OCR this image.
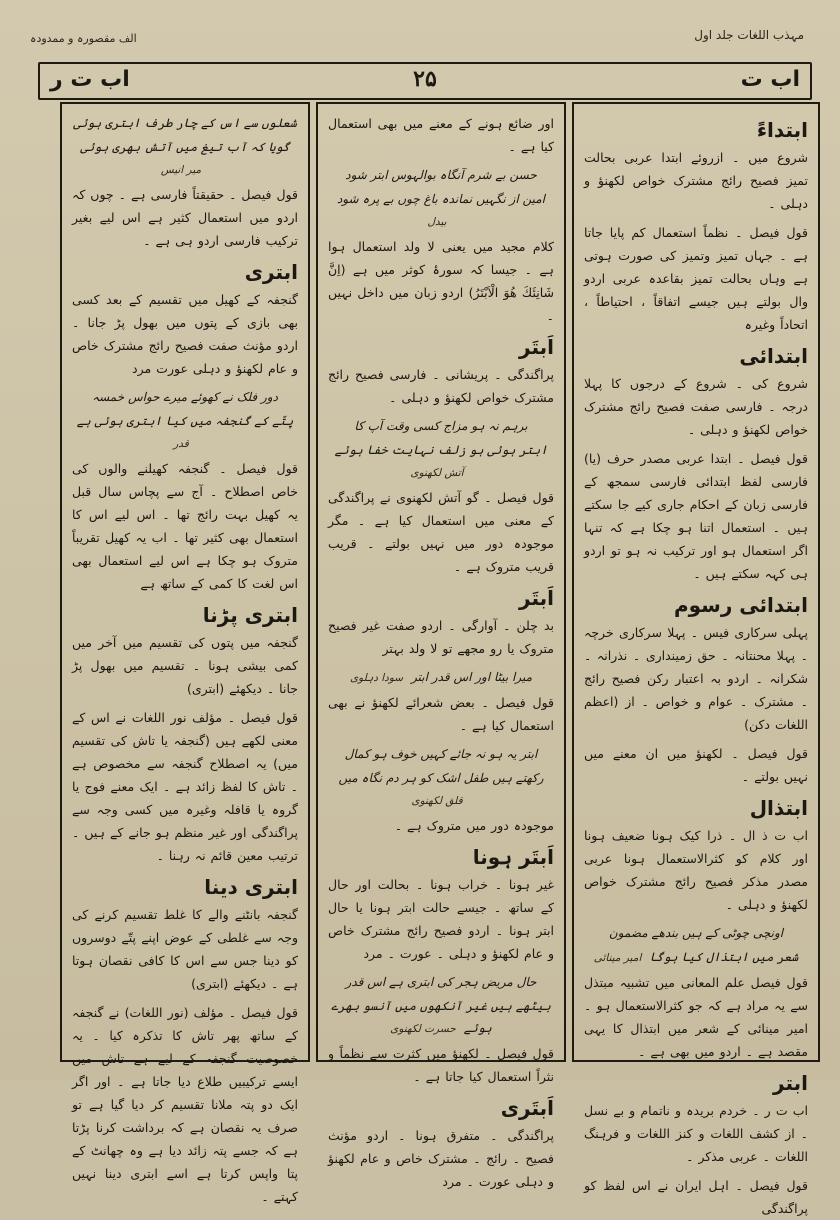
الف مقصورہ و ممدودہ	مہذب اللغات جلد اول
اب ت ر	۲۵	اب ت
ابتداءً
شروع میں ۔ ازروئے ابتدا عربی بحالت تمیز فصیح رائج مشترک خواص لکھنؤ و دہلی ۔
قول فیصل ۔ نظماً استعمال کم پایا جاتا ہے ۔ جہاں تمیز وتمیز کی صورت ہوتی ہے وہاں بحالت تمیز بقاعدہ عربی اردو وال بولتے ہیں جیسے اتفاقاً ، احتیاطاً ، اتحاداً وغیرہ
ابتدائی
شروع کی ۔ شروع کے درجوں کا پہلا درجہ ۔ فارسی صفت فصیح رائج مشترک خواص لکھنؤ و دہلی ۔
قول فیصل ۔ ابتدا عربی مصدر حرف (یا) فارسی لفظ ابتدائی فارسی سمجھ کے فارسی زبان کے احکام جاری کیے جا سکتے ہیں ۔ استعمال اتنا ہو چکا ہے کہ تنہا اگر استعمال ہو اور ترکیب نہ ہو تو اردو ہی کہہ سکتے ہیں ۔
ابتدائی رسوم
پہلی سرکاری فیس ۔ پہلا سرکاری خرچہ ۔ پہلا محنتانہ ۔ حق زمینداری ۔ نذرانہ ۔ شکرانہ ۔ اردو بہ اعتبار رکن فصیح رائج ۔ مشترک ۔ عوام و خواص ۔ از (اعظم اللغات دکن)
قول فیصل ۔ لکھنؤ میں ان معنے میں نہیں بولتے ۔
ابتذال
اب ت ذ ال ۔ ذرا کیک ہونا ضعیف ہونا اور کلام کو کثرالاستعمال ہونا عربی مصدر مذکر فصیح رائج مشترک خواص لکھنؤ و دہلی ۔
اونچی چوٹی کے ہیں بندھے مضمون
شعر میں ابتذال کیا ہوگاامیر مینائی
قول فیصل علم المعانی میں تشبیہ مبتذل سے یہ مراد ہے کہ جو کثرالاستعمال ہو ۔ امیر مینائی کے شعر میں ابتذال کا یہی مقصد ہے ۔ اردو میں بھی ہے ۔
ابتر
اب ت ر ۔ خردم بریدہ و ناتمام و بے نسل ۔ از کشف اللغات و کنز اللغات و فرہنگ اللغات ۔ عربی مذکر ۔
قول فیصل ۔ اہل ایران نے اس لفظ کو پراگندگی
اور ضائع ہونے کے معنے میں بھی استعمال کیا ہے ۔
حسن بے شرم آنگاہ بوالہوس ابتر شود
امین از نگہیں نماندہ باغ چوں بے پرہ شودبیدل
کلام مجید میں یعنی لا ولد استعمال ہوا ہے ۔ جیسا کہ سورۂ کوثر میں ہے (اِنَّ شَانِئَكَ هُوَ الْاَبْتَرُ) اردو زبان میں داخل نہیں ۔
اَبتَر
پراگندگی ۔ پریشانی ۔ فارسی فصیح رائج مشترک خواص لکھنؤ و دہلی ۔
برہم نہ ہو مزاج کسی وقت آپ کا
ابتر ہوئی ہو زلف نہایت خفا ہوئےآتش لکھنوی
قول فیصل ۔ گو آتش لکھنوی نے پراگندگی کے معنی میں استعمال کیا ہے ۔ مگر موجودہ دور میں نہیں بولتے ۔ قریب قریب متروک ہے ۔
اَبتَر
بد چلن ۔ آوارگی ۔ اردو صفت غیر فصیح متروک یا رو مجھے تو لا ولد بہتر
میرا بیٹا اور اس قدر ابترسودا دہلوی
قول فیصل ۔ بعض شعرائے لکھنؤ نے بھی استعمال کیا ہے ۔
ابتر یہ ہو نہ جائے کہیں خوف ہو کمال
رکھتے ہیں طفل اشک کو ہر دم نگاہ میںقلق لکھنوی
موجودہ دور میں متروک ہے ۔
اَبتَر ہونا
غیر ہونا ۔ خراب ہونا ۔ بحالت اور حال کے ساتھ ۔ جیسے حالت ابتر ہونا یا حال ابتر ہونا ۔ اردو فصیح رائج مشترک خاص و عام لکھنؤ و دہلی ۔ عورت ۔ مرد
حال مریض ہجر کی ابتری ہے اس قدر
بیٹھے ہیں غیر آنکھوں میں آنسو بھرے ہوئےحسرت لکھنوی
قول فیصل ۔ لکھنؤ میں کثرت سے نظماً و نثراً استعمال کیا جاتا ہے ۔
اَبتَری
پراگندگی ۔ متفرق ہونا ۔ اردو مؤنث فصیح ۔ رائج ۔ مشترک خاص و عام لکھنؤ و دہلی عورت ۔ مرد
شعلوں سے اس کے چار طرف ابتری ہوئی
گویا کہ آب تیغ میں آتش بھری ہوئیمیر انیس
قول فیصل ۔ حقیقتاً فارسی ہے ۔ چوں کہ اردو میں استعمال کثیر ہے اس لیے بغیر ترکیب فارسی اردو ہی ہے ۔
ابتری
گنجفہ کے کھیل میں تقسیم کے بعد کسی بھی بازی کے پتوں میں بھول پڑ جانا ۔ اردو مؤنث صفت فصیح رائج مشترک خاص و عام لکھنؤ و دہلی عورت مرد
دور فلک نے کھوئے میرے حواس خمسہ
پتّے کے گنجفہ میں کیا ابتری ہوئی ہےقدر
قول فیصل ۔ گنجفہ کھیلنے والوں کی خاص اصطلاح ۔ آج سے پچاس سال قبل یہ کھیل بہت رائج تھا ۔ اس لیے اس کا استعمال بھی کثیر تھا ۔ اب یہ کھیل تقریباً متروک ہو چکا ہے اس لیے استعمال بھی اس لغت کا کمی کے ساتھ ہے
ابتری پڑنا
گنجفہ میں پتوں کی تقسیم میں آخر میں کمی بیشی ہونا ۔ تقسیم میں بھول پڑ جانا ۔ دیکھئے (ابتری)
قول فیصل ۔ مؤلف نور اللغات نے اس کے معنی لکھے ہیں (گنجفہ یا تاش کی تقسیم میں) یہ اصطلاح گنجفہ سے مخصوص ہے ۔ تاش کا لفظ زائد ہے ۔ ایک معنے فوج یا گروہ یا قافلہ وغیرہ میں کسی وجہ سے پراگندگی اور غیر منظم ہو جانے کے ہیں ۔ ترتیب معین قائم نہ رہنا ۔
ابتری دینا
گنجفہ بانٹنے والے کا غلط تقسیم کرنے کی وجہ سے غلطی کے عوض اپنے پتّے دوسروں کو دینا جس سے اس کا کافی نقصان ہوتا ہے ۔ دیکھئے (ابتری)
قول فیصل ۔ مؤلف (نور اللغات) نے گنجفہ کے ساتھ پھر تاش کا تذکرہ کیا ۔ یہ خصوصیت گنجفہ کے لیے ہے تاش میں ایسے ترکیبیں طلاع دیا جاتا ہے ۔ اور اگر ایک دو پتہ ملانا تقسیم کر دیا گیا ہے تو صرف یہ نقصان ہے کہ برداشت کرنا پڑتا ہے کہ جسے پتہ زائد دیا ہے وہ چھانٹ کے پتا واپس کرتا ہے اسے ابتری دینا نہیں کہتے ۔
